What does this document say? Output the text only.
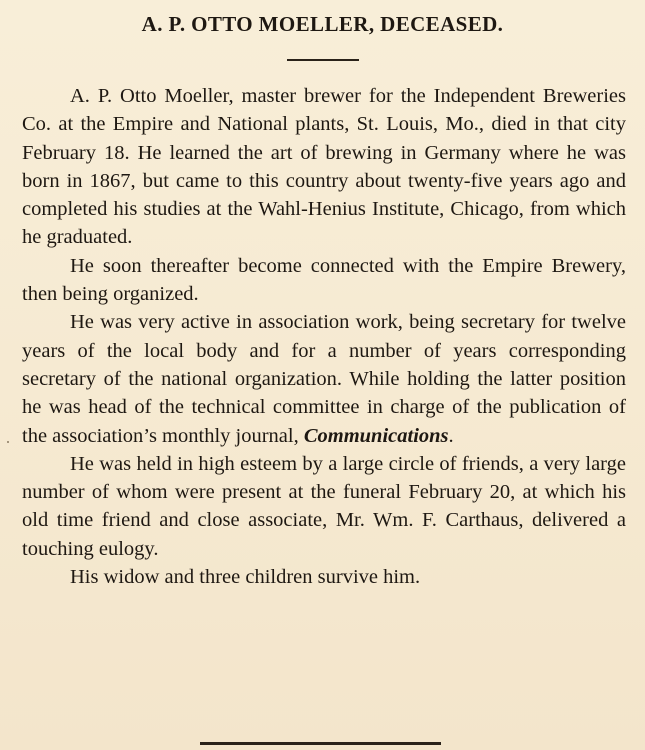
A. P. OTTO MOELLER, DECEASED.

A. P. Otto Moeller, master brewer for the Independent Breweries Co. at the Empire and National plants, St. Louis, Mo., died in that city February 18. He learned the art of brewing in Germany where he was born in 1867, but came to this country about twenty-five years ago and completed his studies at the Wahl-Henius Institute, Chicago, from which he graduated.

He soon thereafter become connected with the Empire Brewery, then being organized.

He was very active in association work, being secretary for twelve years of the local body and for a number of years corresponding secretary of the national organization. While holding the latter position he was head of the technical committee in charge of the publication of the association’s monthly journal, Communications.

He was held in high esteem by a large circle of friends, a very large number of whom were present at the funeral February 20, at which his old time friend and close associate, Mr. Wm. F. Carthaus, delivered a touching eulogy.

His widow and three children survive him.
